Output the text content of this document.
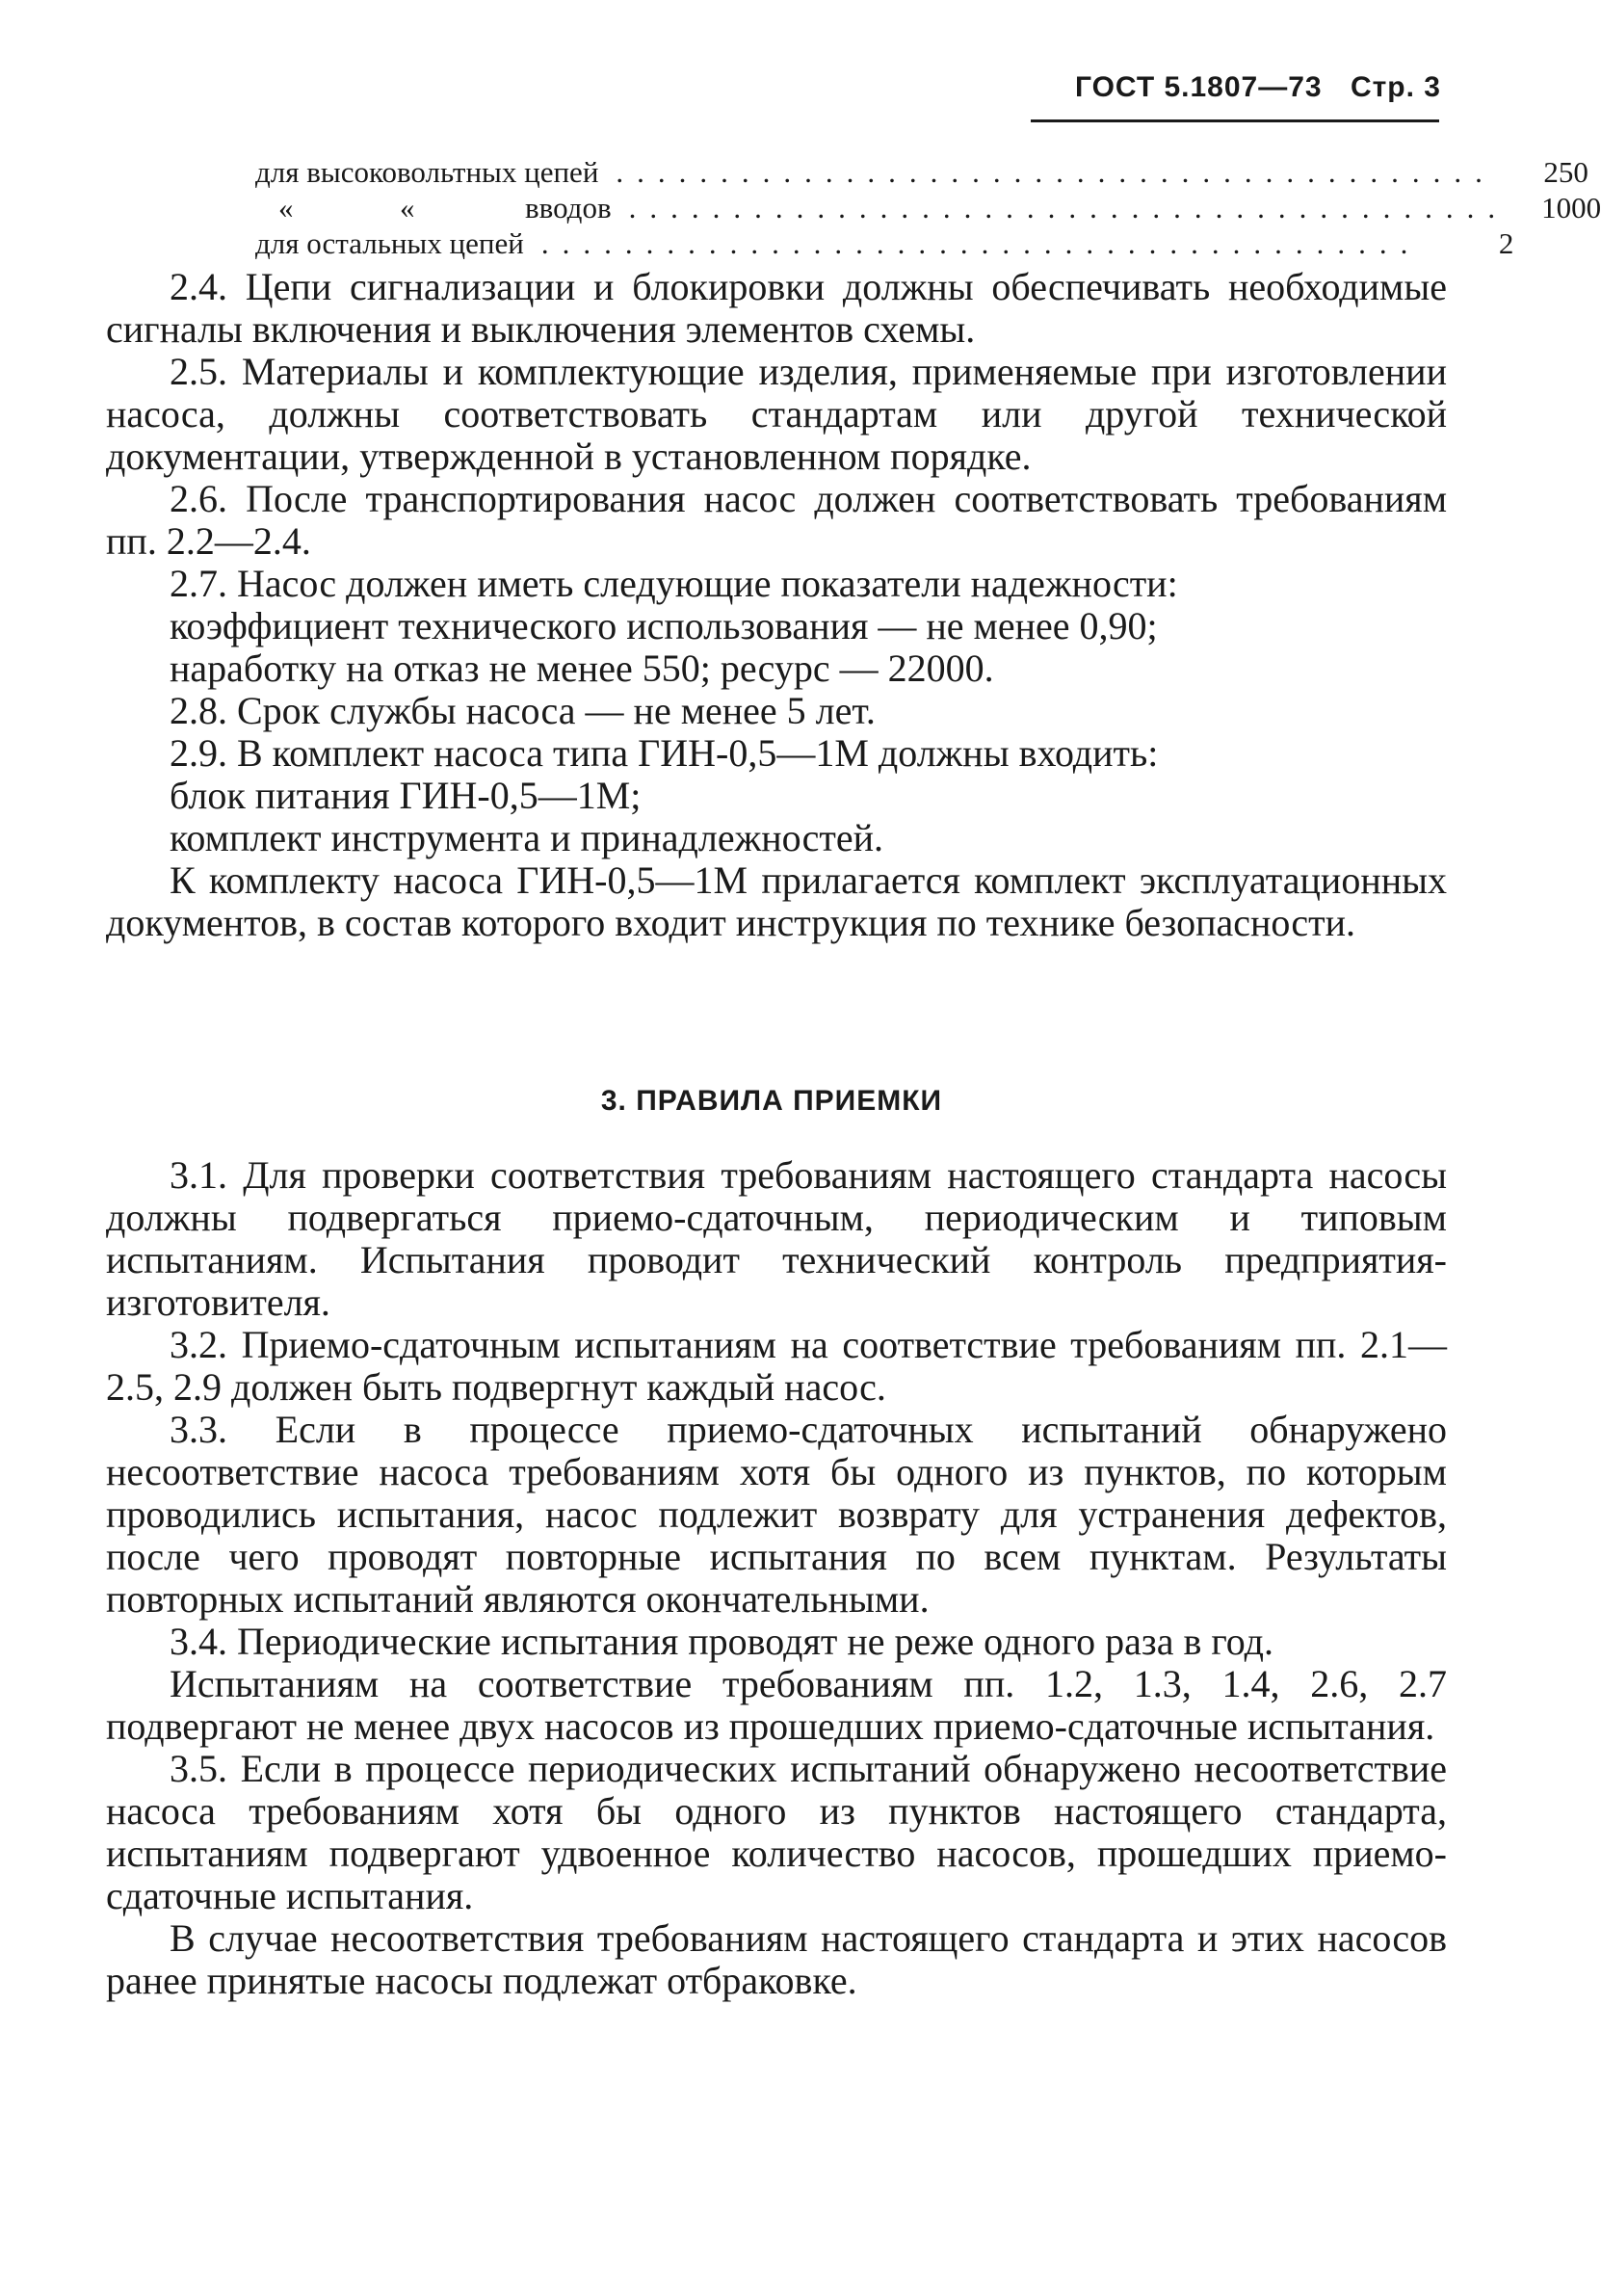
ГОСТ 5.1807—73 Стр. 3
для высоковольтных цепей ..........................................	250
«	«	вводов ..........................................	1000
для остальных цепей ..........................................	2

2.4. Цепи сигнализации и блокировки должны обеспечивать необходимые сигналы включения и выключения элементов схемы.

2.5. Материалы и комплектующие изделия, применяемые при изготовлении насоса, должны соответствовать стандартам или другой технической документации, утвержденной в установленном порядке.

2.6. После транспортирования насос должен соответствовать требованиям пп. 2.2—2.4.

2.7. Насос должен иметь следующие показатели надежности:

коэффициент технического использования — не менее 0,90;

наработку на отказ не менее 550; ресурс — 22000.

2.8. Срок службы насоса — не менее 5 лет.

2.9. В комплект насоса типа ГИН-0,5—1М должны входить:

блок питания ГИН-0,5—1М;

комплект инструмента и принадлежностей.

К комплекту насоса ГИН-0,5—1М прилагается комплект эксплуатационных документов, в состав которого входит инструкция по технике безопасности.

3. ПРАВИЛА ПРИЕМКИ

3.1. Для проверки соответствия требованиям настоящего стандарта насосы должны подвергаться приемо-сдаточным, периодическим и типовым испытаниям. Испытания проводит технический контроль предприятия-изготовителя.

3.2. Приемо-сдаточным испытаниям на соответствие требованиям пп. 2.1—2.5, 2.9 должен быть подвергнут каждый насос.

3.3. Если в процессе приемо-сдаточных испытаний обнаружено несоответствие насоса требованиям хотя бы одного из пунктов, по которым проводились испытания, насос подлежит возврату для устранения дефектов, после чего проводят повторные испытания по всем пунктам. Результаты повторных испытаний являются окончательными.

3.4. Периодические испытания проводят не реже одного раза в год.

Испытаниям на соответствие требованиям пп. 1.2, 1.3, 1.4, 2.6, 2.7 подвергают не менее двух насосов из прошедших приемо-сдаточные испытания.

3.5. Если в процессе периодических испытаний обнаружено несоответствие насоса требованиям хотя бы одного из пунктов настоящего стандарта, испытаниям подвергают удвоенное количество насосов, прошедших приемо-сдаточные испытания.

В случае несоответствия требованиям настоящего стандарта и этих насосов ранее принятые насосы подлежат отбраковке.
